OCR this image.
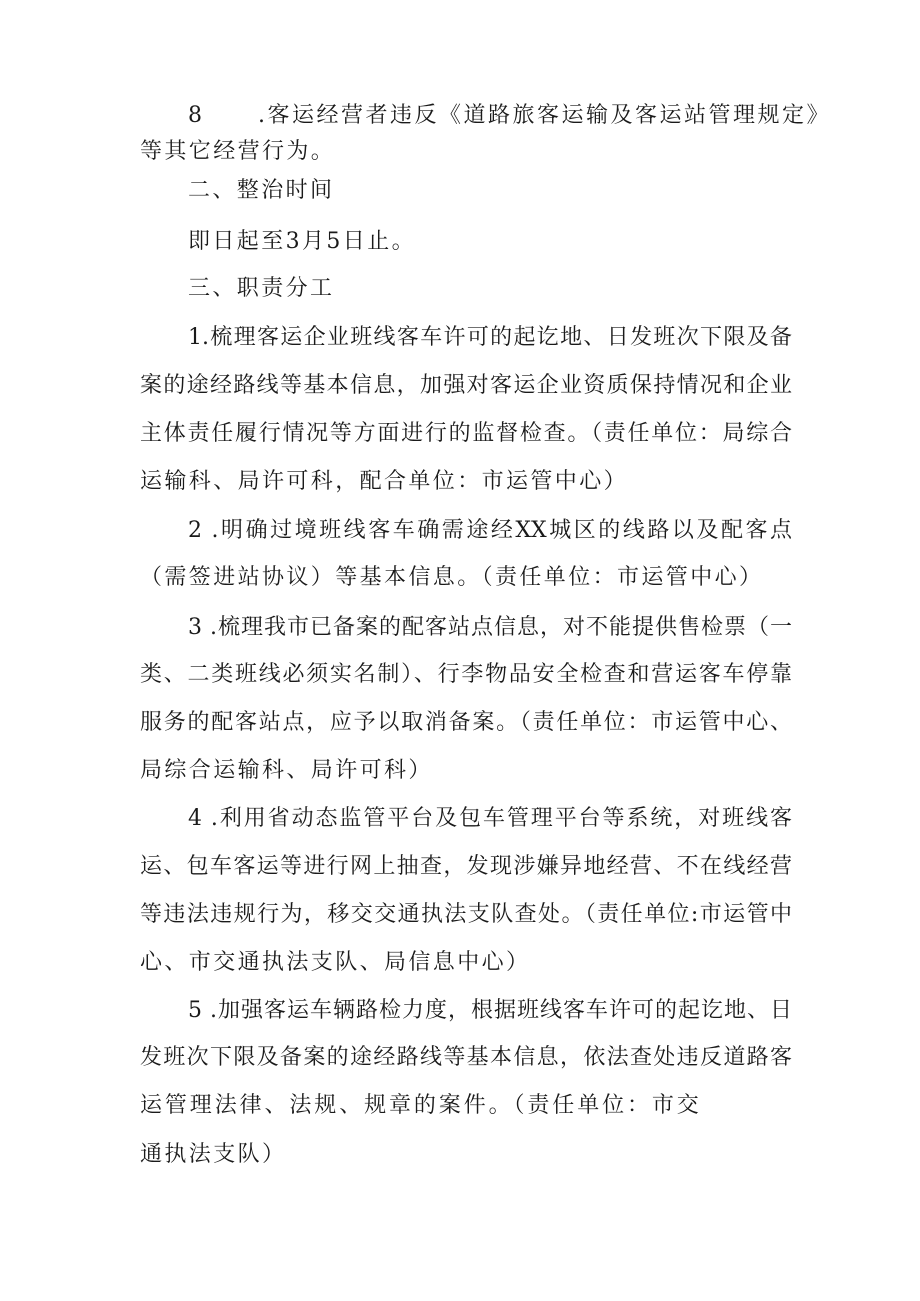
8 .客运经营者违反《道路旅客运输及客运站管理规定》
等其它经营行为。
二、整治时间
即日起至3月5日止。
三、职责分工
1.梳理客运企业班线客车许可的起讫地、日发班次下限及备
案的途经路线等基本信息，加强对客运企业资质保持情况和企业
主体责任履行情况等方面进行的监督检查。（责任单位：局综合
运输科、局许可科，配合单位：市运管中心）
2 .明确过境班线客车确需途经XX城区的线路以及配客点
（需签进站协议）等基本信息。（责任单位：市运管中心）
3 .梳理我市已备案的配客站点信息，对不能提供售检票（一
类、二类班线必须实名制）、行李物品安全检查和营运客车停靠
服务的配客站点，应予以取消备案。（责任单位：市运管中心、
局综合运输科、局许可科）
4 .利用省动态监管平台及包车管理平台等系统，对班线客
运、包车客运等进行网上抽查，发现涉嫌异地经营、不在线经营
等违法违规行为，移交交通执法支队查处。（责任单位:市运管中
心、市交通执法支队、局信息中心）
5 .加强客运车辆路检力度，根据班线客车许可的起讫地、日
发班次下限及备案的途经路线等基本信息，依法查处违反道路客
运管理法律、法规、规章的案件。（责任单位：市交
通执法支队）
